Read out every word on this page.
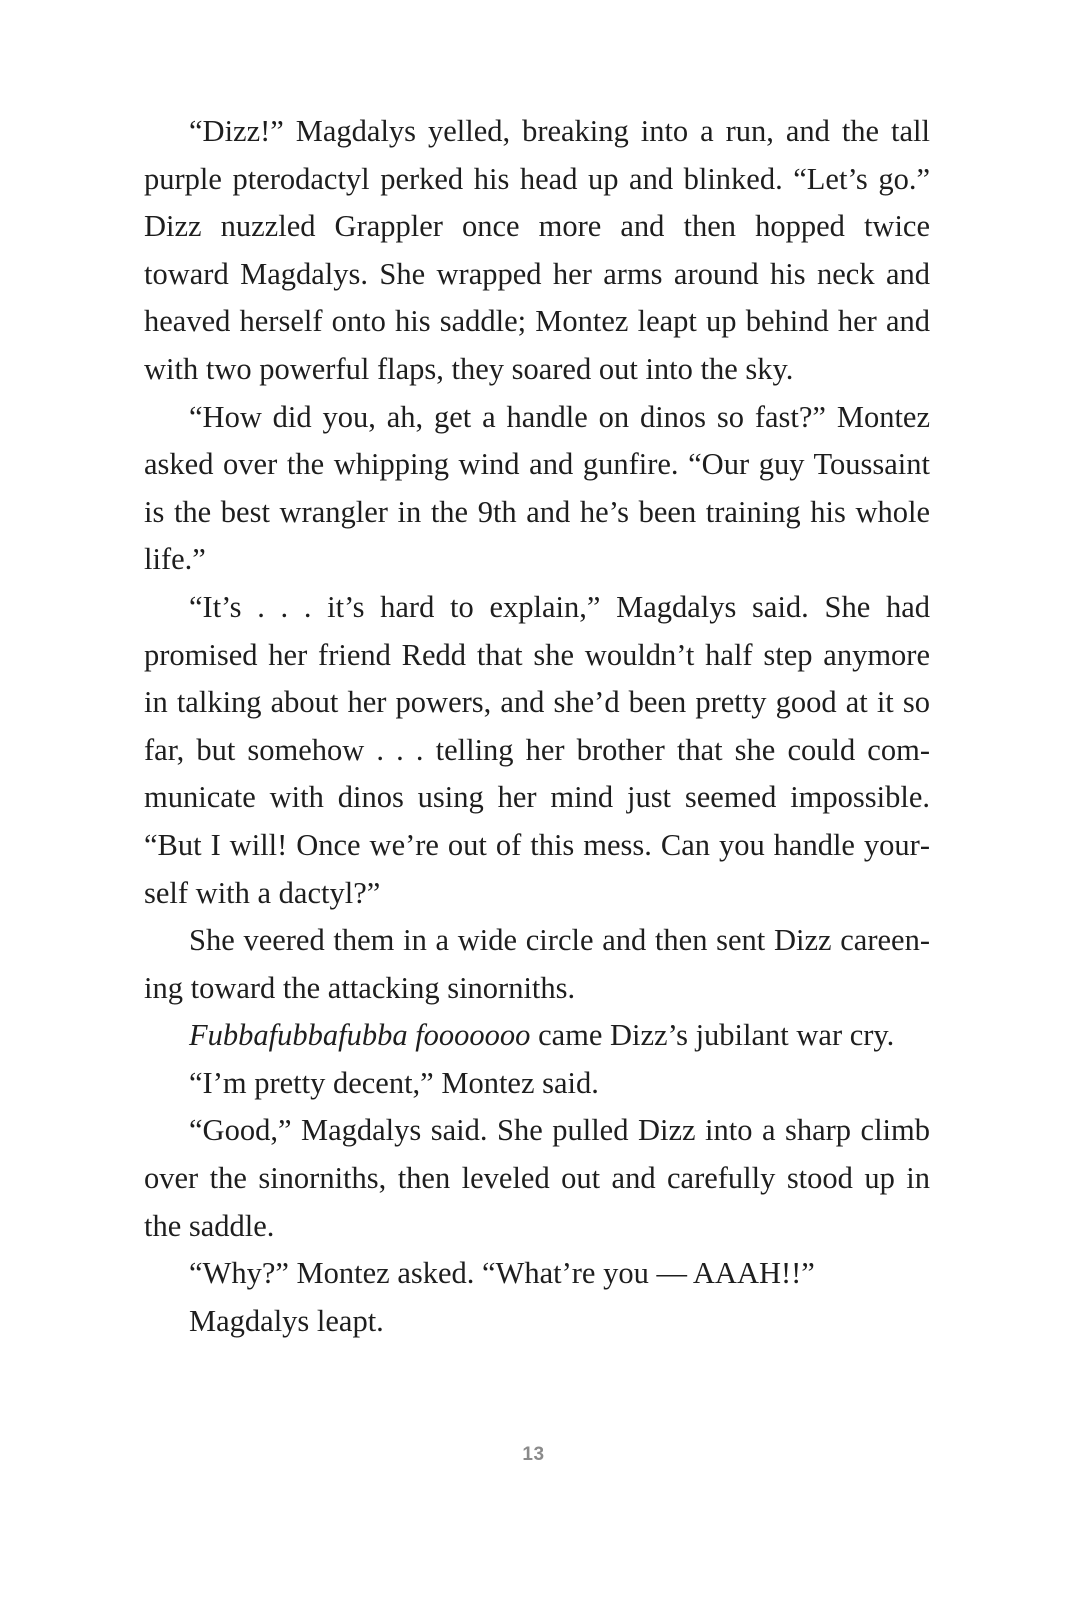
“Dizz!” Magdalys yelled, breaking into a run, and the tall purple pterodactyl perked his head up and blinked. “Let’s go.” Dizz nuzzled Grappler once more and then hopped twice toward Magdalys. She wrapped her arms around his neck and heaved herself onto his saddle; Montez leapt up behind her and with two powerful flaps, they soared out into the sky.

“How did you, ah, get a handle on dinos so fast?” Montez asked over the whipping wind and gunfire. “Our guy Toussaint is the best wrangler in the 9th and he’s been training his whole life.”

“It’s . . . it’s hard to explain,” Magdalys said. She had promised her friend Redd that she wouldn’t half step anymore in talking about her powers, and she’d been pretty good at it so far, but somehow . . . telling her brother that she could communicate with dinos using her mind just seemed impossible. “But I will! Once we’re out of this mess. Can you handle yourself with a dactyl?”

She veered them in a wide circle and then sent Dizz careening toward the attacking sinorniths.

Fubbafubbafubba fooooooo came Dizz’s jubilant war cry.

“I’m pretty decent,” Montez said.

“Good,” Magdalys said. She pulled Dizz into a sharp climb over the sinorniths, then leveled out and carefully stood up in the saddle.

“Why?” Montez asked. “What’re you — AAAH!!”

Magdalys leapt.

13
